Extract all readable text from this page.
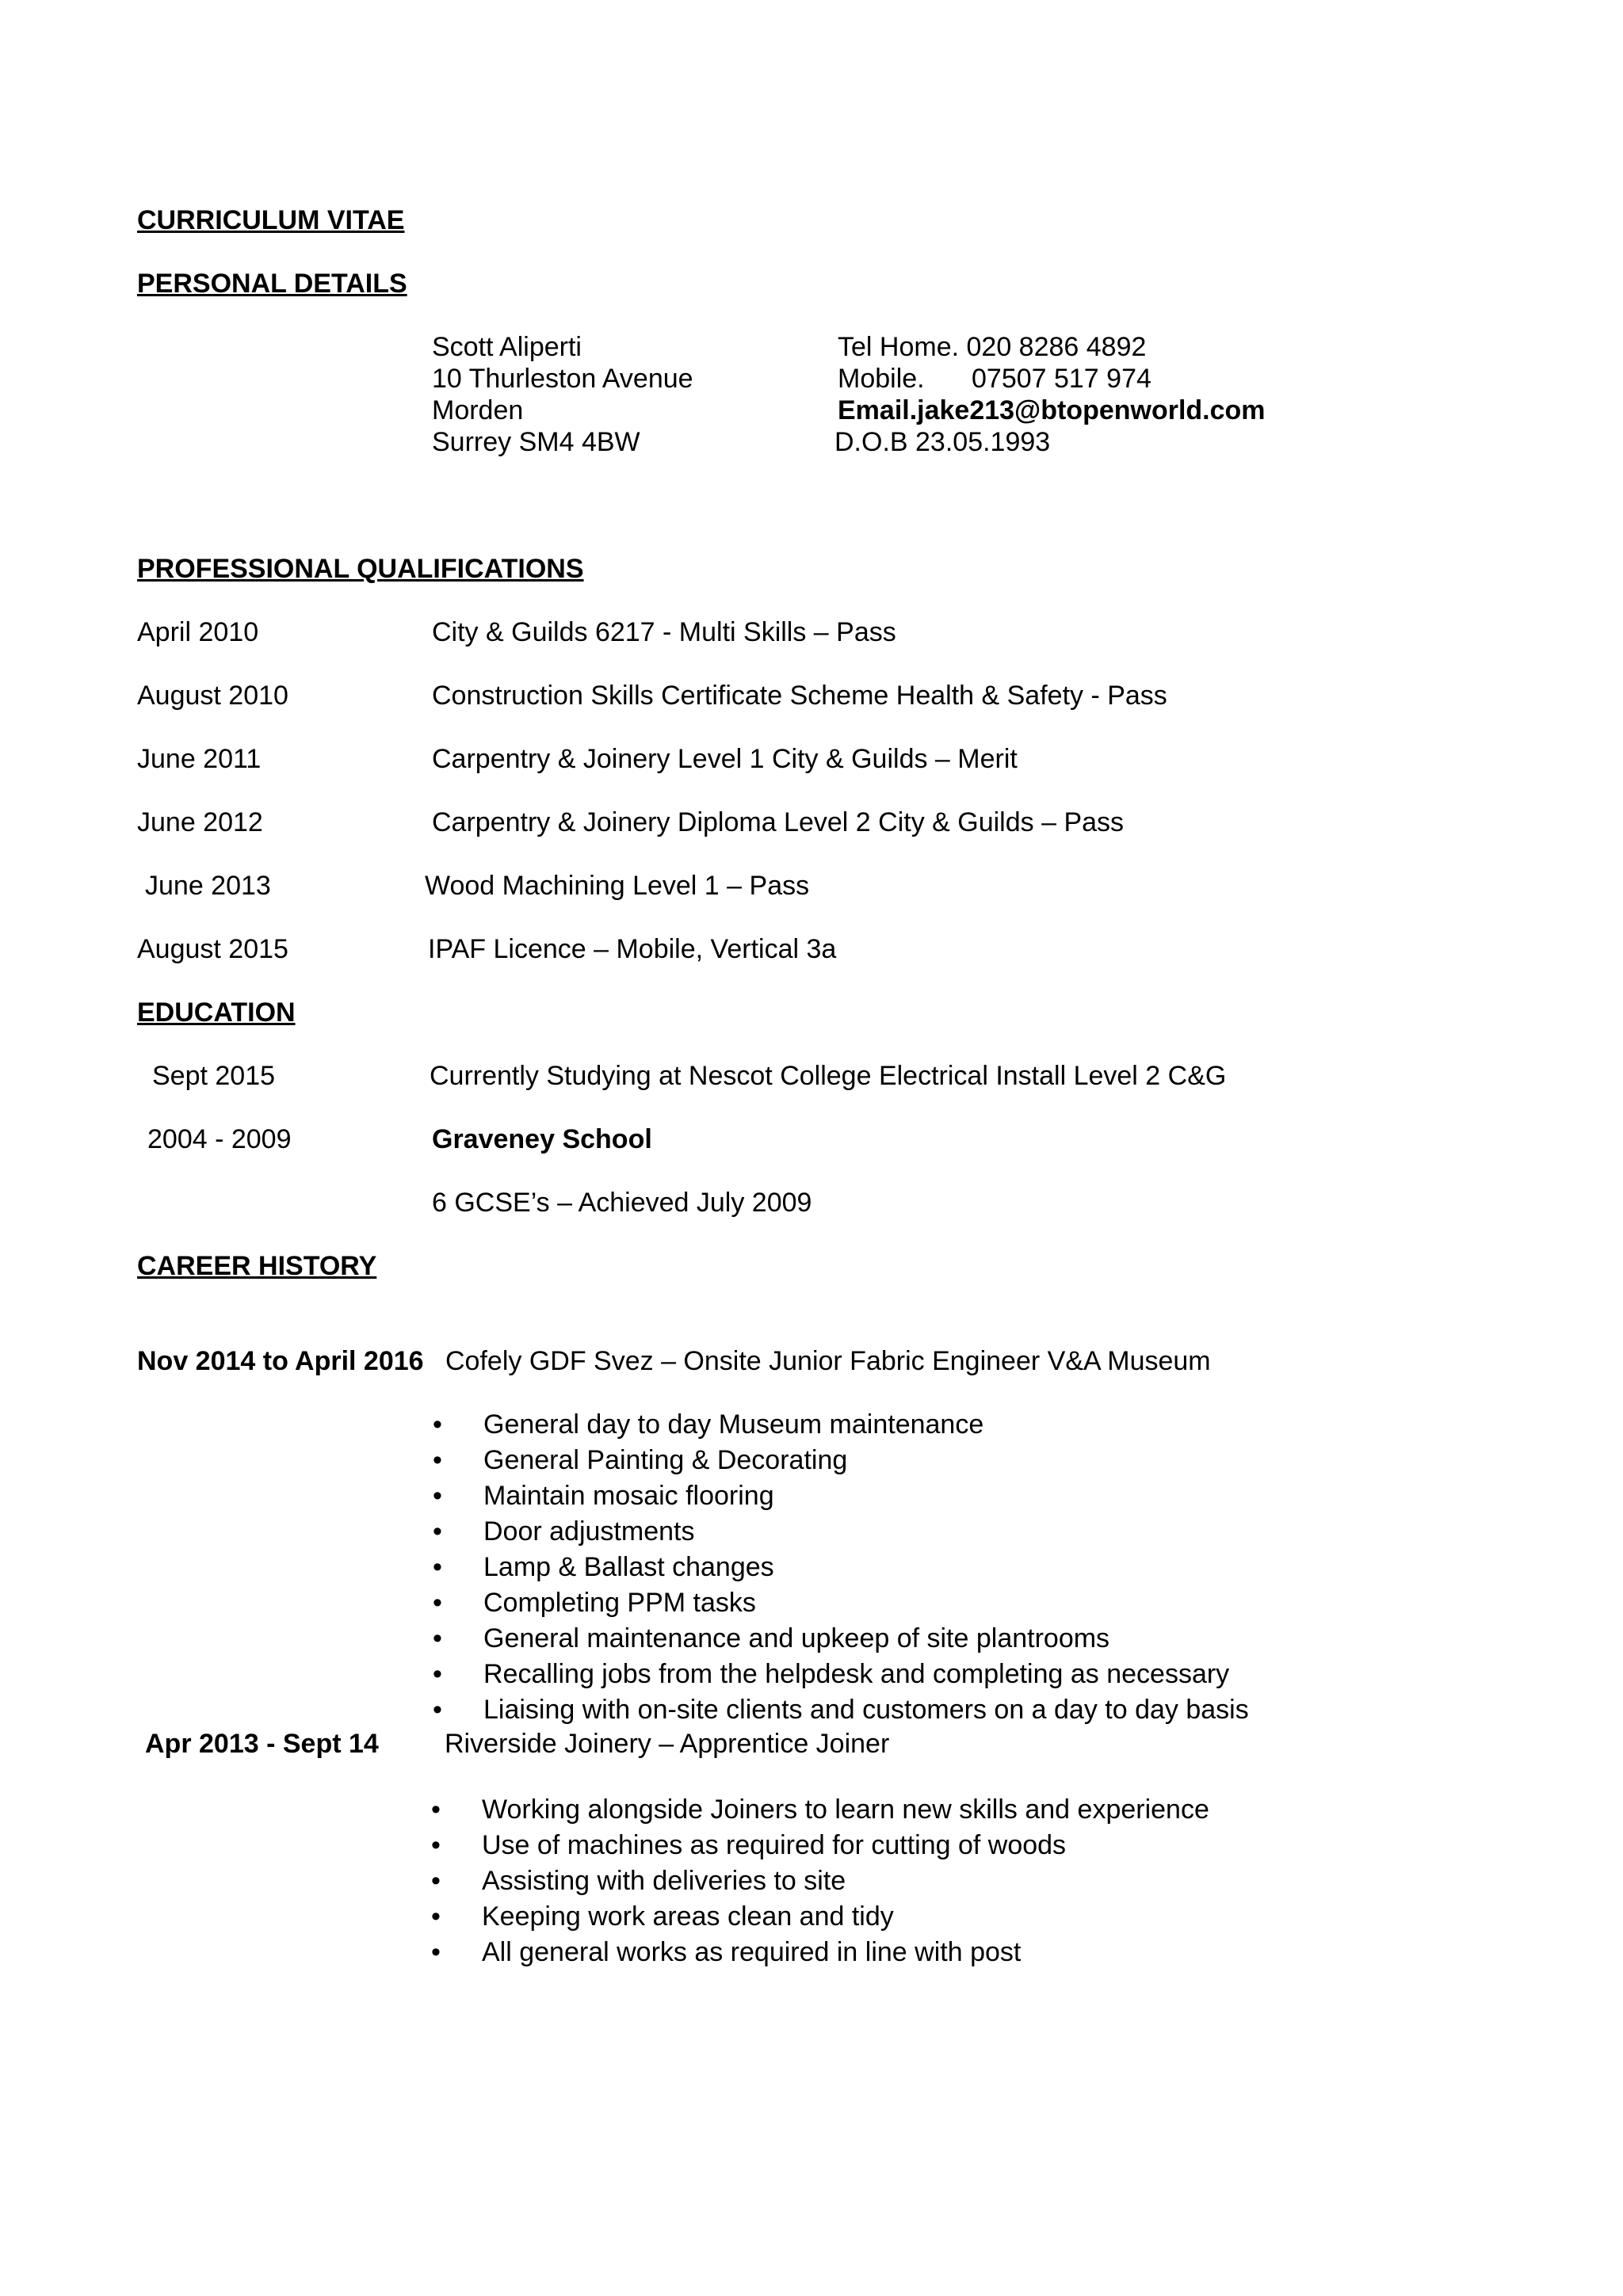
CURRICULUM VITAE
PERSONAL DETAILS
Scott Aliperti
10 Thurleston Avenue
Morden
Surrey SM4 4BW
Tel Home. 020 8286 4892
Mobile. 07507 517 974
Email.jake213@btopenworld.com
D.O.B 23.05.1993
PROFESSIONAL QUALIFICATIONS
April 2010	City & Guilds 6217 - Multi Skills – Pass
August 2010	Construction Skills Certificate Scheme Health & Safety - Pass
June 2011	Carpentry & Joinery Level 1 City & Guilds – Merit
June 2012	Carpentry & Joinery Diploma Level 2 City & Guilds – Pass
June 2013	Wood Machining Level 1 – Pass
August 2015	IPAF Licence – Mobile, Vertical 3a
EDUCATION
Sept 2015	Currently Studying at Nescot College Electrical Install Level 2 C&G
2004 - 2009	Graveney School
6 GCSE’s – Achieved July 2009
CAREER HISTORY
Nov 2014 to April 2016 Cofely GDF Svez – Onsite Junior Fabric Engineer V&A Museum
• General day to day Museum maintenance
• General Painting & Decorating
• Maintain mosaic flooring
• Door adjustments
• Lamp & Ballast changes
• Completing PPM tasks
• General maintenance and upkeep of site plantrooms
• Recalling jobs from the helpdesk and completing as necessary
• Liaising with on-site clients and customers on a day to day basis
Apr 2013 - Sept 14 Riverside Joinery – Apprentice Joiner
• Working alongside Joiners to learn new skills and experience
• Use of machines as required for cutting of woods
• Assisting with deliveries to site
• Keeping work areas clean and tidy
• All general works as required in line with post
